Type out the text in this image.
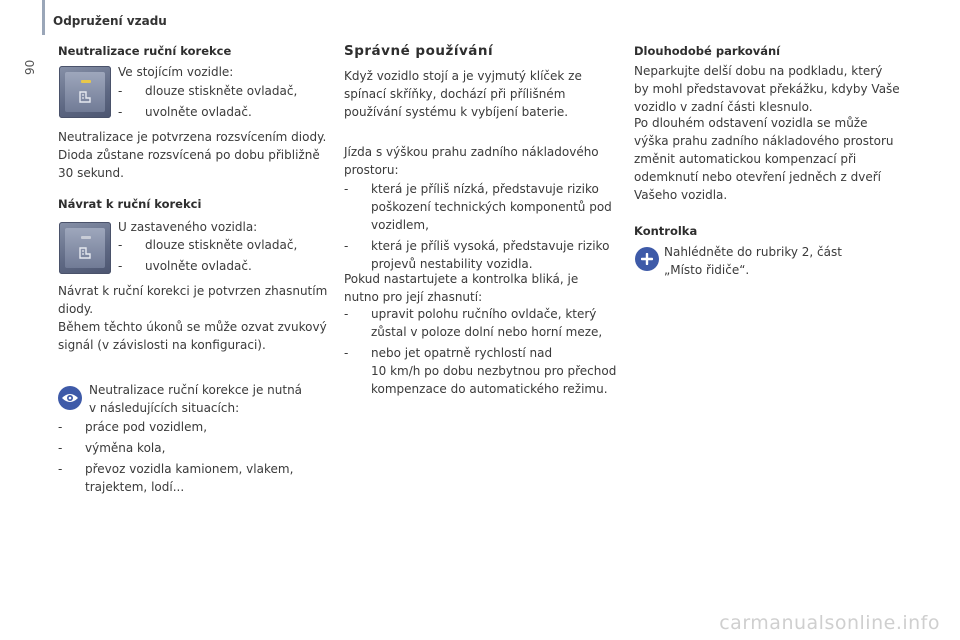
Odpružení vzadu
90
Neutralizace ruční korekce
Ve stojícím vozidle:
- dlouze stiskněte ovladač,
- uvolněte ovladač.
Neutralizace je potvrzena rozsvícením diody.
Dioda zůstane rozsvícená po dobu přibližně
30 sekund.
Návrat k ruční korekci
U zastaveného vozidla:
- dlouze stiskněte ovladač,
- uvolněte ovladač.
Návrat k ruční korekci je potvrzen zhasnutím
diody.
Během těchto úkonů se může ozvat zvukový
signál (v závislosti na konfiguraci).
Neutralizace ruční korekce je nutná
v následujících situacích:
- práce pod vozidlem,
- výměna kola,
- převoz vozidla kamionem, vlakem,
trajektem, lodí...
Správné používání
Když vozidlo stojí a je vyjmutý klíček ze
spínací skříňky, dochází při přílišném
používání systému k vybíjení baterie.
Jízda s výškou prahu zadního nákladového
prostoru:
- která je příliš nízká, představuje riziko
poškození technických komponentů pod
vozidlem,
- která je příliš vysoká, představuje riziko
projevů nestability vozidla.
Pokud nastartujete a kontrolka bliká, je
nutno pro její zhasnutí:
- upravit polohu ručního ovldače, který
zůstal v poloze dolní nebo horní meze,
- nebo jet opatrně rychlostí nad
10 km/h po dobu nezbytnou pro přechod
kompenzace do automatického režimu.
Dlouhodobé parkování
Neparkujte delší dobu na podkladu, který
by mohl představovat překážku, kdyby Vaše
vozidlo v zadní části klesnulo.
Po dlouhém odstavení vozidla se může
výška prahu zadního nákladového prostoru
změnit automatickou kompenzací při
odemknutí nebo otevření jedněch z dveří
Vašeho vozidla.
Kontrolka
Nahlédněte do rubriky 2, část
„Místo řidiče“.
carmanualsonline.info
